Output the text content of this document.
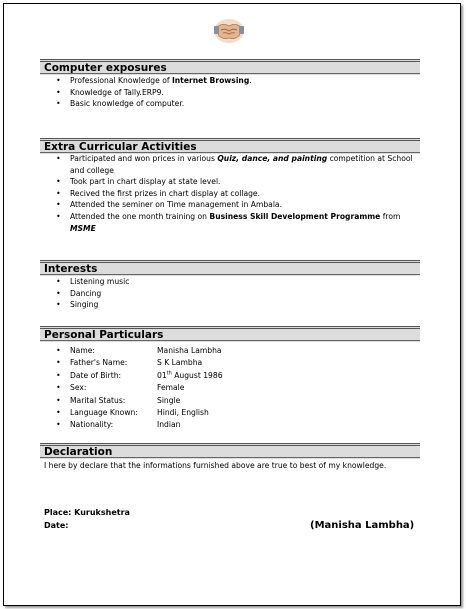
Computer exposures
• Professional Knowledge of Internet Browsing.
• Knowledge of Tally.ERP9.
• Basic knowledge of computer.
Extra Curricular Activities
• Participated and won prices in various Quiz, dance, and painting competition at School and college
• Took part in chart display at state level.
• Recived the first prizes in chart display at collage.
• Attended the seminer on Time management in Ambala.
• Attended the one month training on Business Skill Development Programme from
MSME
Interests
• Listening music
• Dancing
• Singing
Personal Particulars
• Name:	Manisha Lambha
• Father's Name:	S K Lambha
• Date of Birth:	01th August 1986
• Sex:	Female
• Marital Status:	Single
• Language Known:	Hindi, English
• Nationality:	Indian
Declaration
I here by declare that the informations furnished above are true to best of my knowledge.
Place: Kurukshetra
Date:	(Manisha Lambha)
